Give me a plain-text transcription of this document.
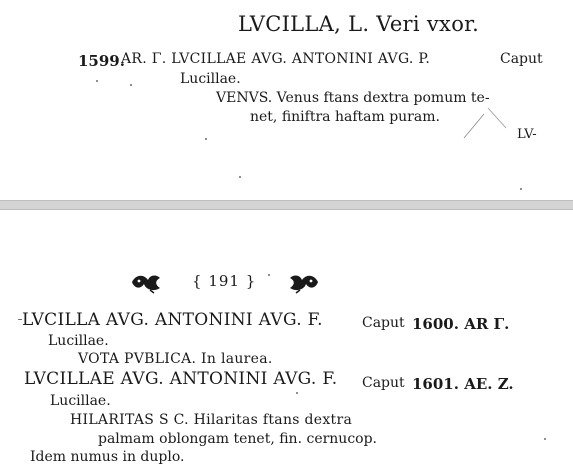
LVCILLA, L. Veri vxor.
1599.
AR. Γ. LVCILLAE AVG. ANTONINI AVG. P.	Caput
Lucillae.
VENVS. Venus ftans dextra pomum te-
net, finiftra haftam puram.
LV-
{ 191 }
LVCILLA AVG. ANTONINI AVG. F.	Caput 1600. AR Γ.
Lucillae.
VOTA PVBLICA. In laurea.
LVCILLAE AVG. ANTONINI AVG. F. Caput 1601. AE. Z.
Lucillae.
HILARITAS S C. Hilaritas ftans dextra
palmam oblongam tenet, fin. cernucop.
Idem numus in duplo.
